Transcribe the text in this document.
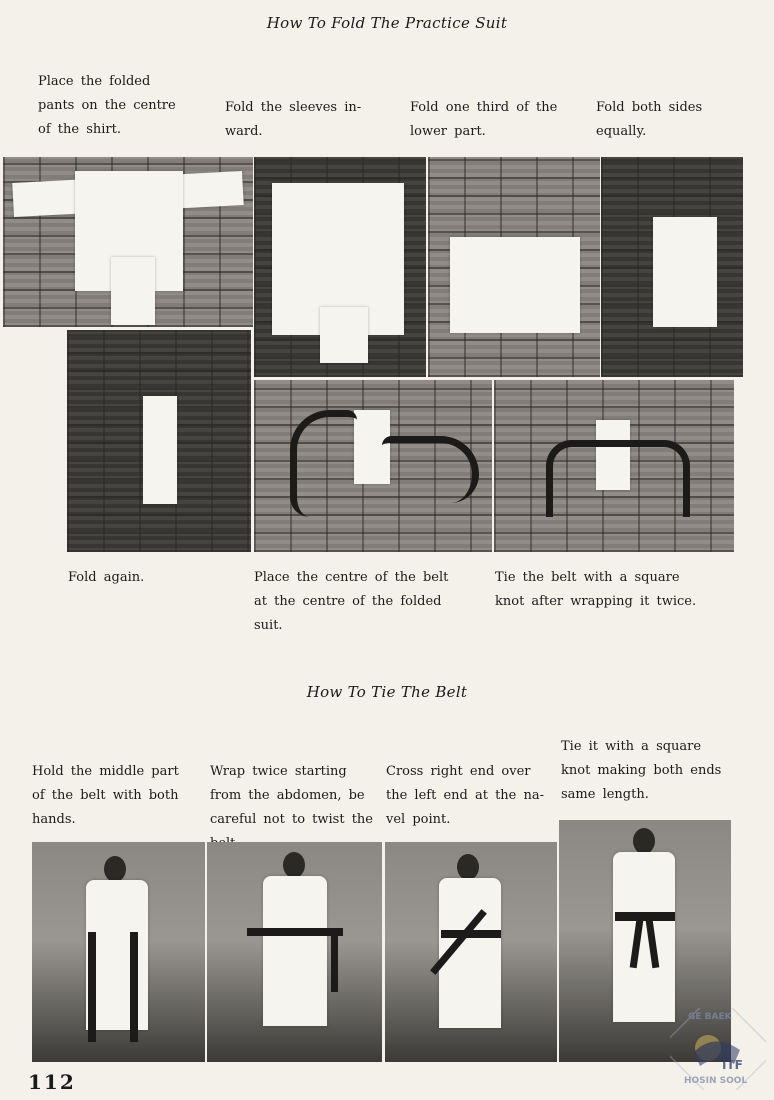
How To Fold The Practice Suit
Place the folded pants on the centre of the shirt.
Fold the sleeves in-ward.
Fold one third of the lower part.
Fold both sides equally.
Fold again.	Place the centre of the belt at the centre of the folded suit.
Tie the belt with a square knot after wrapping it twice.
How To Tie The Belt
Hold the middle part of the belt with both hands.
Wrap twice starting from the abdomen, be careful not to twist the
Cross right end over the left end at the na-vel point.
Tie it with a square knot making both ends same length.
112
GE BAEK
ITF
HOSIN SOOL
